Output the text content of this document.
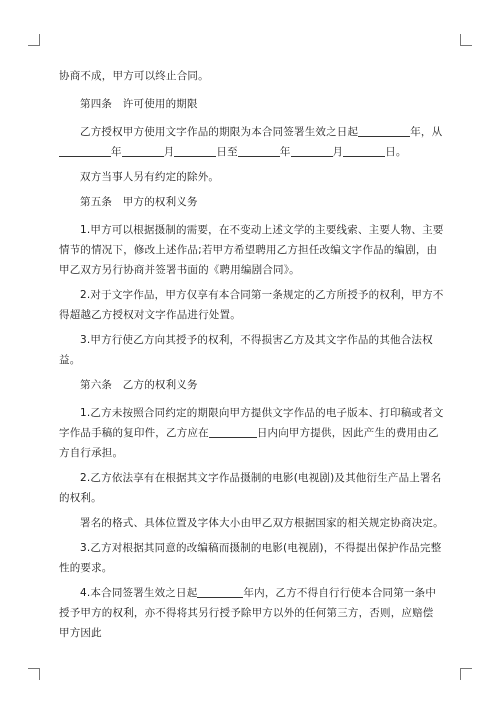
协商不成，甲方可以终止合同。

第四条　许可使用的期限

乙方授权甲方使用文字作品的期限为本合同签署生效之日起	年，从年	月	日至	年	月	日。

双方当事人另有约定的除外。

第五条　甲方的权利义务

1.甲方可以根据摄制的需要，在不变动上述文学的主要线索、主要人物、主要情节的情况下，修改上述作品;若甲方希望聘用乙方担任改编文字作品的编剧，由甲乙双方另行协商并签署书面的《聘用编剧合同》。

2.对于文字作品，甲方仅享有本合同第一条规定的乙方所授予的权利，甲方不得超越乙方授权对文字作品进行处置。

3.甲方行使乙方向其授予的权利，不得损害乙方及其文字作品的其他合法权益。

第六条　乙方的权利义务

1.乙方未按照合同约定的期限向甲方提供文字作品的电子版本、打印稿或者文字作品手稿的复印件，乙方应在	日内向甲方提供，因此产生的费用由乙方自行承担。

2.乙方依法享有在根据其文字作品摄制的电影(电视剧)及其他衍生产品上署名的权利。

署名的格式、具体位置及字体大小由甲乙双方根据国家的相关规定协商决定。

3.乙方对根据其同意的改编稿而摄制的电影(电视剧)，不得提出保护作品完整性的要求。

4.本合同签署生效之日起	年内，乙方不得自行行使本合同第一条中授予甲方的权利，亦不得将其另行授予除甲方以外的任何第三方，否则，应赔偿甲方因此
